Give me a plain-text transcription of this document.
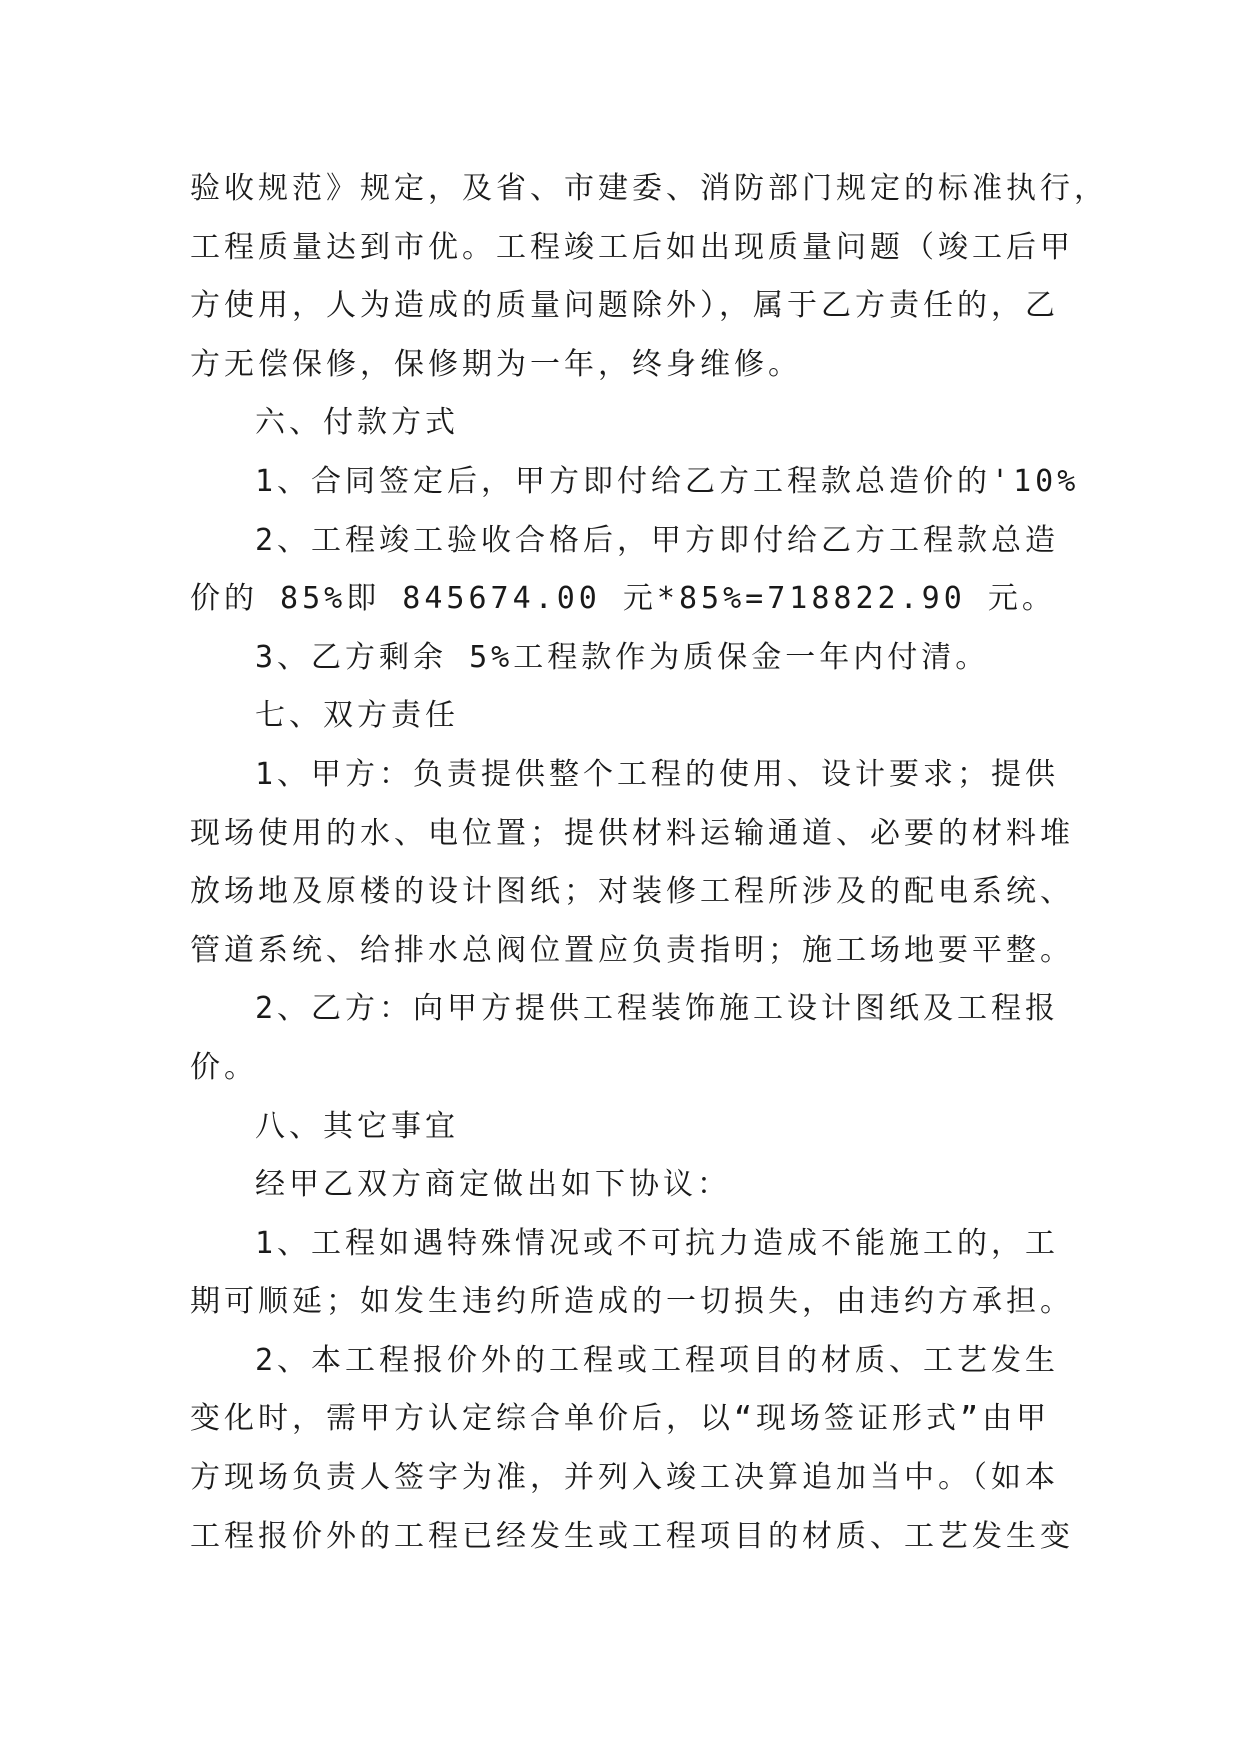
验收规范》规定，及省、市建委、消防部门规定的标准执行，
工程质量达到市优。工程竣工后如出现质量问题（竣工后甲
方使用，人为造成的质量问题除外），属于乙方责任的，乙
方无偿保修，保修期为一年，终身维修。
六、付款方式
1、合同签定后，甲方即付给乙方工程款总造价的'10%
2、工程竣工验收合格后，甲方即付给乙方工程款总造
价的 85%即 845674.00 元*85%=718822.90 元。
3、乙方剩余 5%工程款作为质保金一年内付清。
七、双方责任
1、甲方：负责提供整个工程的使用、设计要求；提供
现场使用的水、电位置；提供材料运输通道、必要的材料堆
放场地及原楼的设计图纸；对装修工程所涉及的配电系统、
管道系统、给排水总阀位置应负责指明；施工场地要平整。
2、乙方：向甲方提供工程装饰施工设计图纸及工程报
价。
八、其它事宜
经甲乙双方商定做出如下协议：
1、工程如遇特殊情况或不可抗力造成不能施工的，工
期可顺延；如发生违约所造成的一切损失，由违约方承担。
2、本工程报价外的工程或工程项目的材质、工艺发生
变化时，需甲方认定综合单价后，以“现场签证形式”由甲
方现场负责人签字为准，并列入竣工决算追加当中。（如本
工程报价外的工程已经发生或工程项目的材质、工艺发生变
